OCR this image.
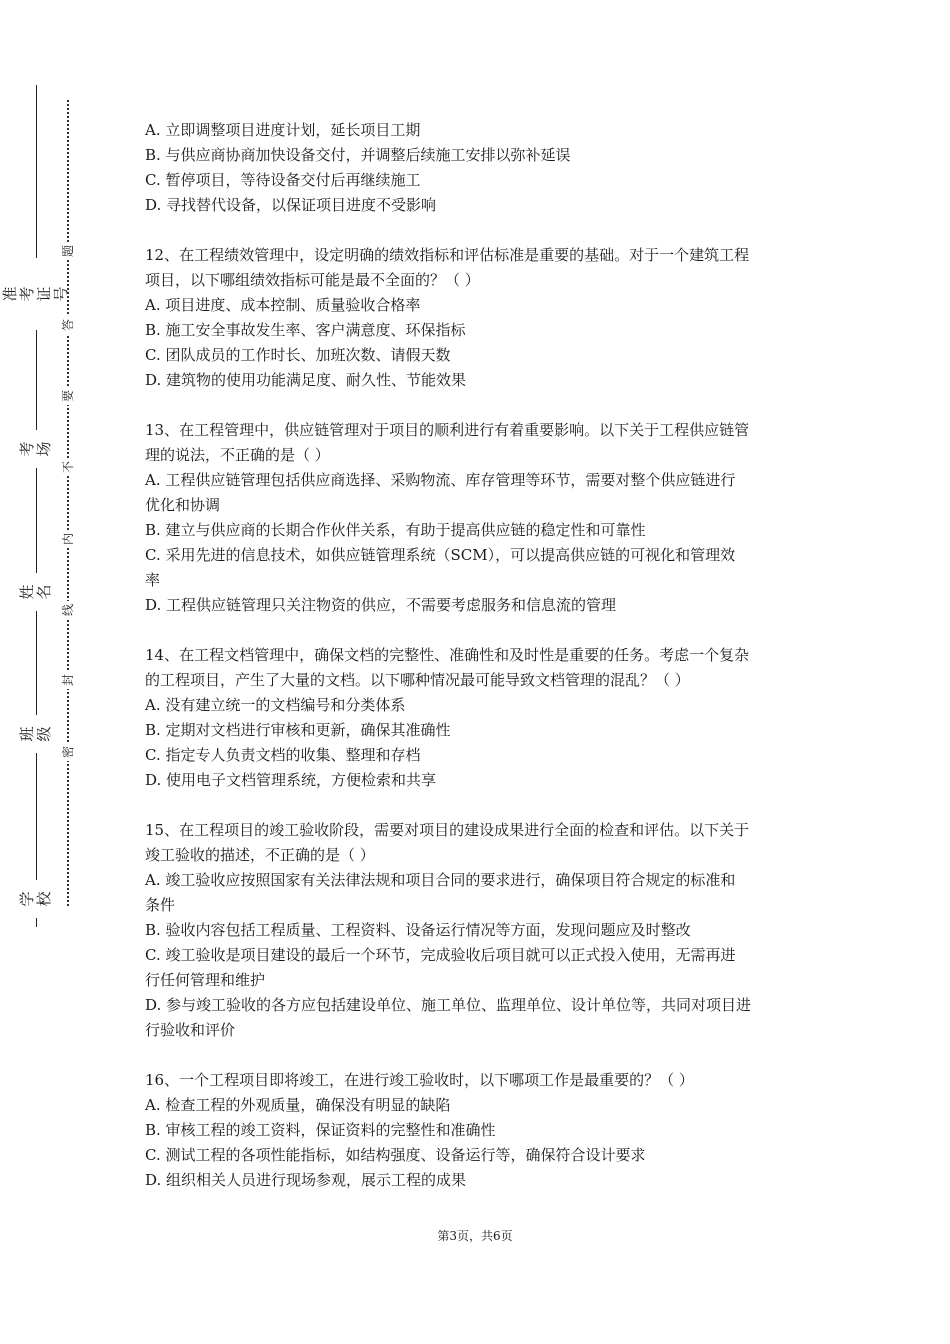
准考证号
考场
姓名
班级
学校
题
答
要
不
内
线
封
密
A. 立即调整项目进度计划，延长项目工期
B. 与供应商协商加快设备交付，并调整后续施工安排以弥补延误
C. 暂停项目，等待设备交付后再继续施工
D. 寻找替代设备，以保证项目进度不受影响
12、在工程绩效管理中，设定明确的绩效指标和评估标准是重要的基础。对于一个建筑工程
项目，以下哪组绩效指标可能是最不全面的？（ ）
A. 项目进度、成本控制、质量验收合格率
B. 施工安全事故发生率、客户满意度、环保指标
C. 团队成员的工作时长、加班次数、请假天数
D. 建筑物的使用功能满足度、耐久性、节能效果
13、在工程管理中，供应链管理对于项目的顺利进行有着重要影响。以下关于工程供应链管
理的说法，不正确的是（ ）
A. 工程供应链管理包括供应商选择、采购物流、库存管理等环节，需要对整个供应链进行
优化和协调
B. 建立与供应商的长期合作伙伴关系，有助于提高供应链的稳定性和可靠性
C. 采用先进的信息技术，如供应链管理系统（SCM），可以提高供应链的可视化和管理效
率
D. 工程供应链管理只关注物资的供应，不需要考虑服务和信息流的管理
14、在工程文档管理中，确保文档的完整性、准确性和及时性是重要的任务。考虑一个复杂
的工程项目，产生了大量的文档。以下哪种情况最可能导致文档管理的混乱？（ ）
A. 没有建立统一的文档编号和分类体系
B. 定期对文档进行审核和更新，确保其准确性
C. 指定专人负责文档的收集、整理和存档
D. 使用电子文档管理系统，方便检索和共享
15、在工程项目的竣工验收阶段，需要对项目的建设成果进行全面的检查和评估。以下关于
竣工验收的描述，不正确的是（ ）
A. 竣工验收应按照国家有关法律法规和项目合同的要求进行，确保项目符合规定的标准和
条件
B. 验收内容包括工程质量、工程资料、设备运行情况等方面，发现问题应及时整改
C. 竣工验收是项目建设的最后一个环节，完成验收后项目就可以正式投入使用，无需再进
行任何管理和维护
D. 参与竣工验收的各方应包括建设单位、施工单位、监理单位、设计单位等，共同对项目进
行验收和评价
16、一个工程项目即将竣工，在进行竣工验收时，以下哪项工作是最重要的？（ ）
A. 检查工程的外观质量，确保没有明显的缺陷
B. 审核工程的竣工资料，保证资料的完整性和准确性
C. 测试工程的各项性能指标，如结构强度、设备运行等，确保符合设计要求
D. 组织相关人员进行现场参观，展示工程的成果
第3页，共6页
